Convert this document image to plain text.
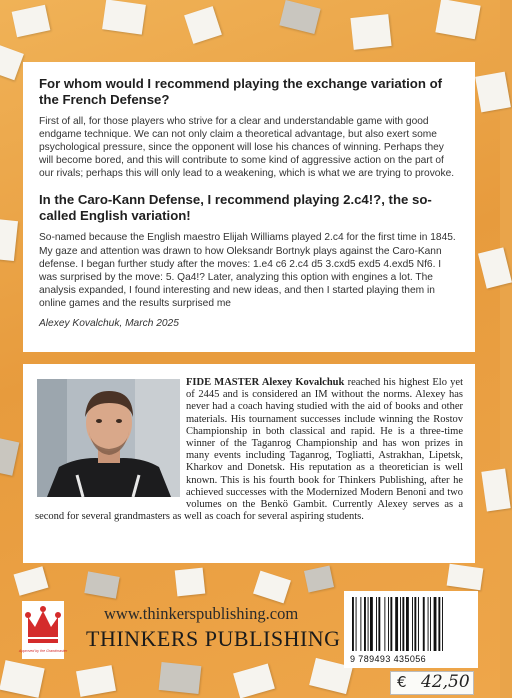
For whom would I recommend playing the exchange variation of the French Defense?
First of all, for those players who strive for a clear and understandable game with good endgame technique. We can not only claim a theoretical advantage, but also exert some psychological pressure, since the opponent will lose his chances of winning. Perhaps they will become bored, and this will contribute to some kind of aggressive action on the part of our rivals; perhaps this will only lead to a weakening, which is what we are trying to provoke.
In the Caro-Kann Defense, I recommend playing 2.c4!?, the so-called English variation!
So-named because the English maestro Elijah Williams played 2.c4 for the first time in 1845. My gaze and attention was drawn to how Oleksandr Bortnyk plays against the Caro-Kann defense. I began further study after the moves: 1.e4 c6 2.c4 d5 3.cxd5 exd5 4.exd5 Nf6. I was surprised by the move: 5. Qa4!? Later, analyzing this option with engines a lot. The analysis expanded, I found interesting and new ideas, and then I started playing them in online games and the results surprised me
Alexey Kovalchuk, March 2025

FIDE MASTER Alexey Kovalchuk reached his highest Elo yet of 2445 and is considered an IM without the norms. Alexey has never had a coach having studied with the aid of books and other materials. His tournament successes include winning the Rostov Championship in both classical and rapid. He is a three-time winner of the Taganrog Championship and has won prizes in many events including Taganrog, Togliatti, Astrakhan, Lipetsk, Kharkov and Donetsk. His reputation as a theoretician is well known. This is his fourth book for Thinkers Publishing, after he achieved successes with the Modernized Modern Benoni and two volumes on the Benkö Gambit. Currently Alexey serves as a second for several grandmasters as well as coach for several aspiring students.

Approved by the Grandmaster
www.thinkerspublishing.com
THINKERS PUBLISHING
9 789493 435056
€ 42,50
